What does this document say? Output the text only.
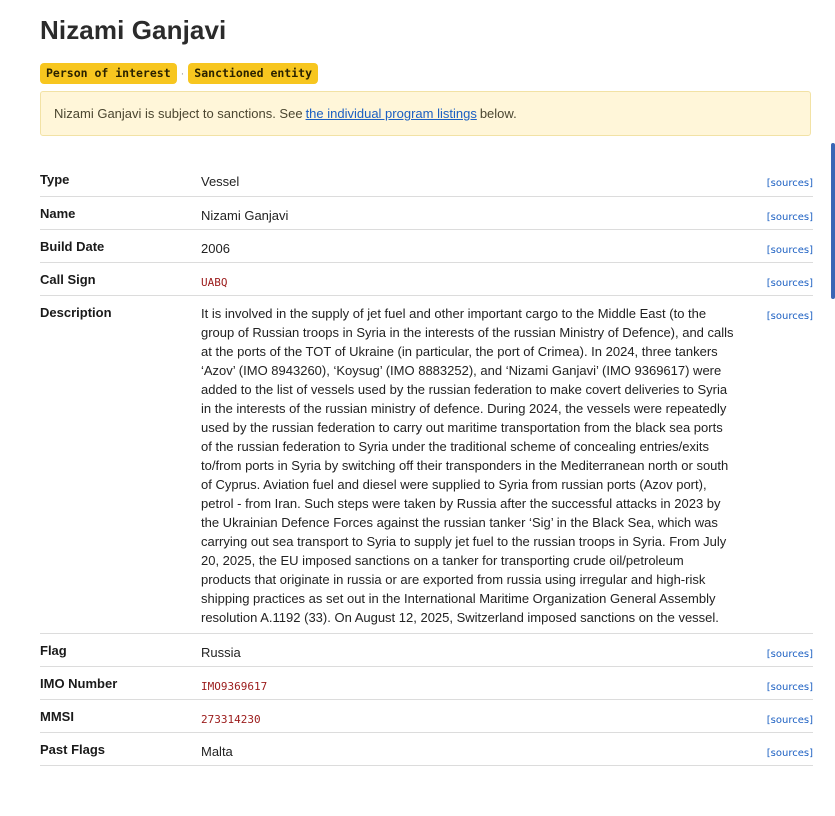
Nizami Ganjavi
Person of interest · Sanctioned entity
Nizami Ganjavi is subject to sanctions. See the individual program listings below.
Type	Vessel	[sources]
Name	Nizami Ganjavi	[sources]
Build Date	2006	[sources]
Call Sign	UABQ	[sources]
Description	It is involved in the supply of jet fuel and other important cargo to the Middle East (to the group of Russian troops in Syria in the interests of the russian Ministry of Defence), and calls at the ports of the TOT of Ukraine (in particular, the port of Crimea). In 2024, three tankers ‘Azov’ (IMO 8943260), ‘Koysug’ (IMO 8883252), and ‘Nizami Ganjavi’ (IMO 9369617) were added to the list of vessels used by the russian federation to make covert deliveries to Syria in the interests of the russian ministry of defence. During 2024, the vessels were repeatedly used by the russian federation to carry out maritime transportation from the black sea ports of the russian federation to Syria under the traditional scheme of concealing entries/exits to/from ports in Syria by switching off their transponders in the Mediterranean north or south of Cyprus. Aviation fuel and diesel were supplied to Syria from russian ports (Azov port), petrol - from Iran. Such steps were taken by Russia after the successful attacks in 2023 by the Ukrainian Defence Forces against the russian tanker ‘Sig’ in the Black Sea, which was carrying out sea transport to Syria to supply jet fuel to the russian troops in Syria. From July 20, 2025, the EU imposed sanctions on a tanker for transporting crude oil/petroleum products that originate in russia or are exported from russia using irregular and high-risk shipping practices as set out in the International Maritime Organization General Assembly resolution A.1192 (33). On August 12, 2025, Switzerland imposed sanctions on the vessel.	[sources]
Flag	Russia	[sources]
IMO Number	IMO9369617	[sources]
MMSI	273314230	[sources]
Past Flags	Malta	[sources]
